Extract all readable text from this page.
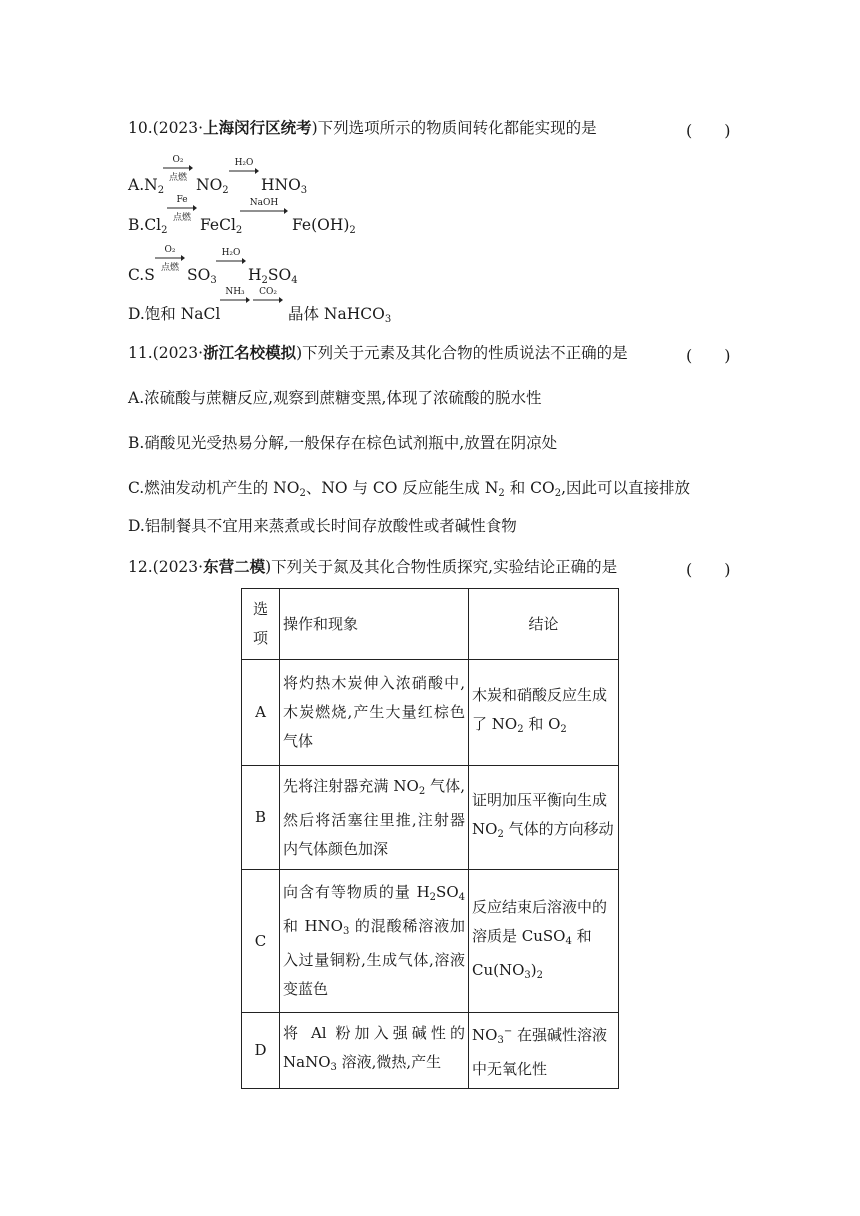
10.(2023·上海闵行区统考)下列选项所示的物质间转化都能实现的是	(　　)
$A.N_2$
O₂
点燃 $NO_2$
H₂O
$HNO_3$
$B.Cl_2$
Fe
点燃 FeCl$_2$
NaOH
$Fe(OH)_2$
C.S
O₂
点燃 $SO_3$
H₂O
$H_2SO_4$
D.饱和 NaCl
NH₃	CO₂
晶体 NaHCO$_3$
11.(2023·浙江名校模拟)下列关于元素及其化合物的性质说法不正确的是	(　　)
A.浓硫酸与蔗糖反应,观察到蔗糖变黑,体现了浓硫酸的脱水性
B.硝酸见光受热易分解,一般保存在棕色试剂瓶中,放置在阴凉处
C.燃油发动机产生的 $NO_2$、NO 与 CO 反应能生成 $N_2$ 和 $CO_2$,因此可以直接排放
D.铝制餐具不宜用来蒸煮或长时间存放酸性或者碱性食物
12.(2023·东营二模)下列关于氮及其化合物性质探究,实验结论正确的是	(　　)
选
项	操作和现象	结论
A	将灼热木炭伸入浓硝酸中,木炭燃烧,产生大量红棕色气体	木炭和硝酸反应生成了 $NO_2$ 和 $O_2$
B	先将注射器充满 $NO_2$ 气体,然后将活塞往里推,注射器内气体颜色加深	证明加压平衡向生成 $NO_2$ 气体的方向移动
C	向含有等物质的量 $H_2SO_4$ 和 $HNO_3$ 的混酸稀溶液加入过量铜粉,生成气体,溶液变蓝色	反应结束后溶液中的溶质是 CuSO$_4$ 和 $Cu(NO_3)_2$
D	将 Al 粉加入强碱性的 NaNO$_3$ 溶液,微热,产生	$NO_3^-$ 在强碱性溶液中无氧化性
